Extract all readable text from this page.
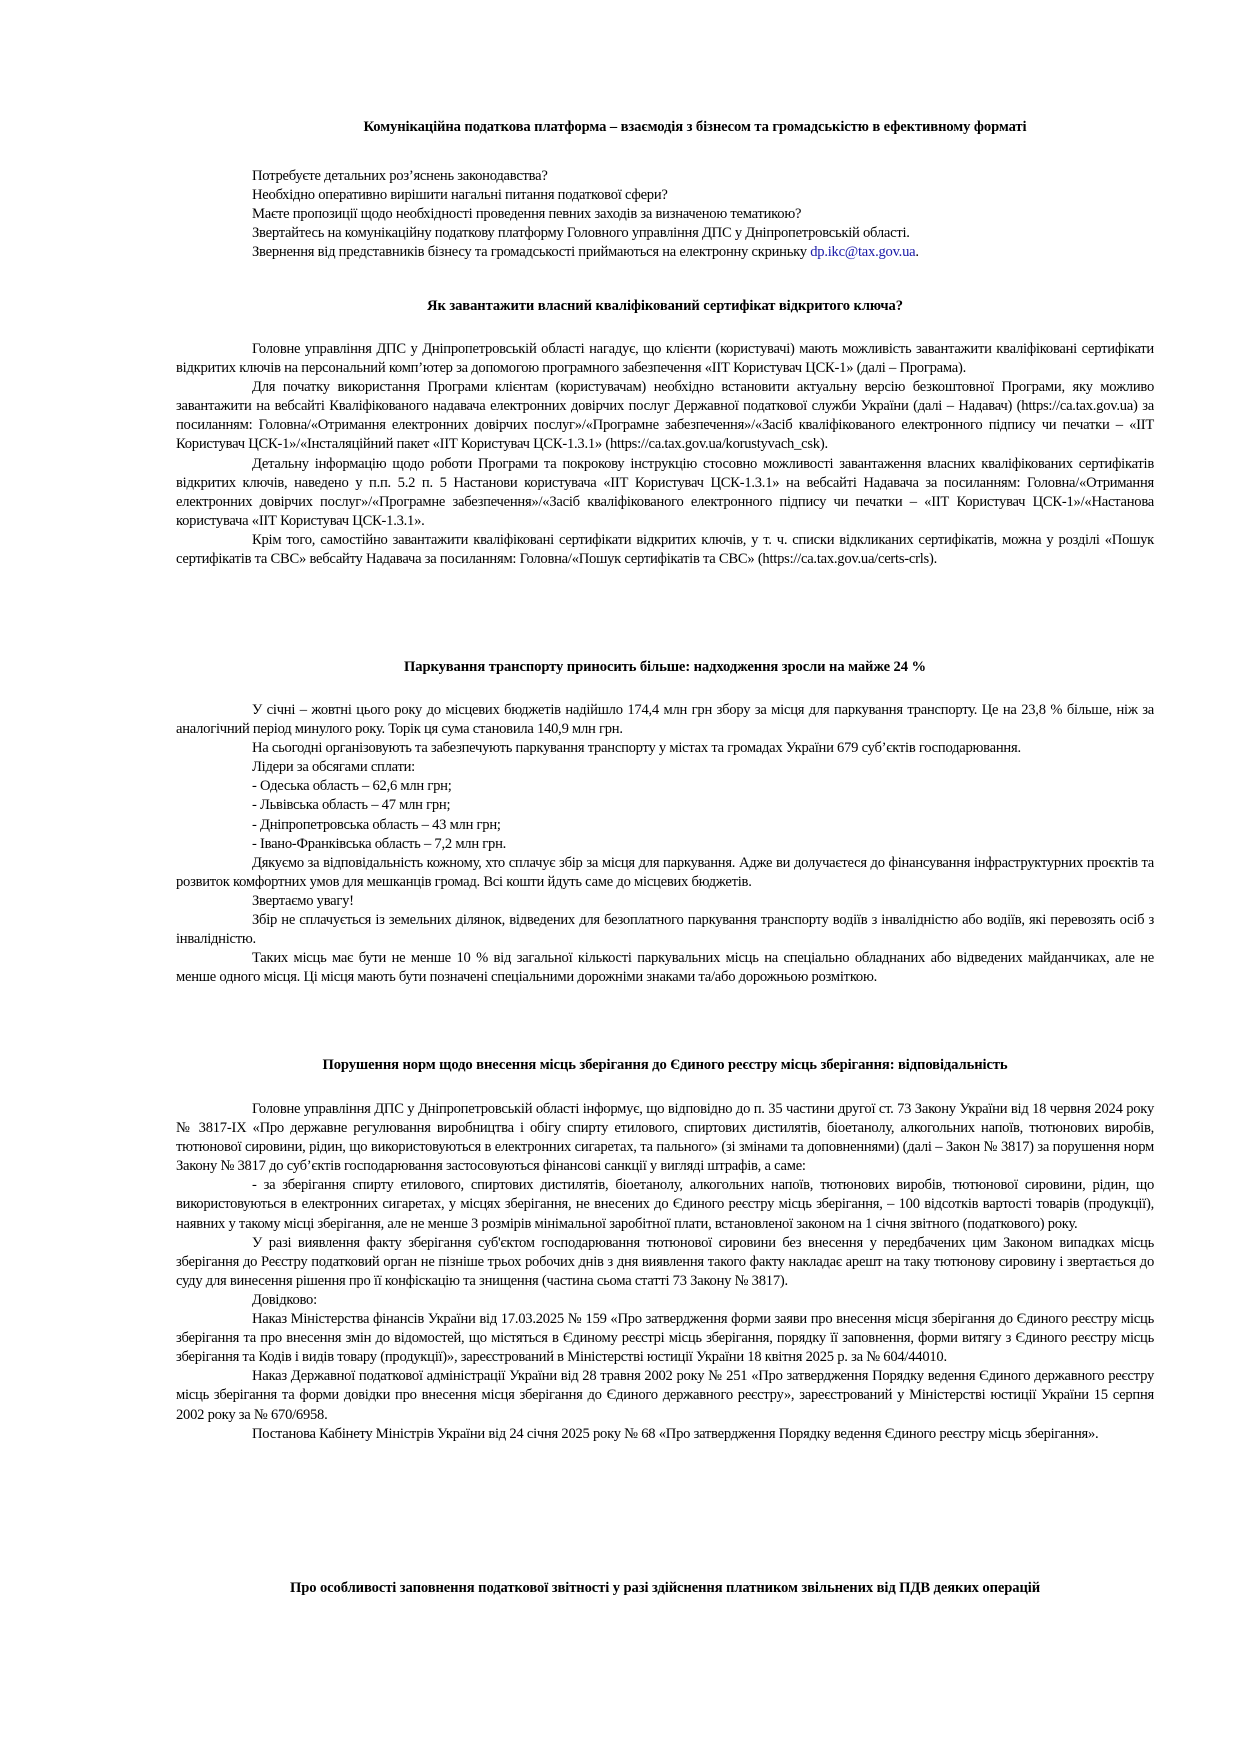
Комунікаційна податкова платформа – взаємодія з бізнесом та громадськістю в ефективному форматі
Потребуєте детальних роз’яснень законодавства?
Необхідно оперативно вирішити нагальні питання податкової сфери?
Маєте пропозиції щодо необхідності проведення певних заходів за визначеною тематикою?
Звертайтесь на комунікаційну податкову платформу Головного управління ДПС у Дніпропетровській області.
Звернення від представників бізнесу та громадськості приймаються на електронну скриньку dp.ikc@tax.gov.ua.
Як завантажити власний кваліфікований сертифікат відкритого ключа?

Головне управління ДПС у Дніпропетровській області нагадує, що клієнти (користувачі) мають можливість завантажити кваліфіковані сертифікати відкритих ключів на персональний комп’ютер за допомогою програмного забезпечення «ІІТ Користувач ЦСК-1» (далі – Програма).

Для початку використання Програми клієнтам (користувачам) необхідно встановити актуальну версію безкоштовної Програми, яку можливо завантажити на вебсайті Кваліфікованого надавача електронних довірчих послуг Державної податкової служби України (далі – Надавач) (https://ca.tax.gov.ua) за посиланням: Головна/«Отримання електронних довірчих послуг»/«Програмне забезпечення»/«Засіб кваліфікованого електронного підпису чи печатки – «ІІТ Користувач ЦСК-1»/«Інсталяційний пакет «ІІТ Користувач ЦСК-1.3.1» (https://ca.tax.gov.ua/korustyvach_csk).

Детальну інформацію щодо роботи Програми та покрокову інструкцію стосовно можливості завантаження власних кваліфікованих сертифікатів відкритих ключів, наведено у п.п. 5.2 п. 5 Настанови користувача «ІІТ Користувач ЦСК-1.3.1» на вебсайті Надавача за посиланням: Головна/«Отримання електронних довірчих послуг»/«Програмне забезпечення»/«Засіб кваліфікованого електронного підпису чи печатки – «ІІТ Користувач ЦСК-1»/«Настанова користувача «ІІТ Користувач ЦСК-1.3.1».

Крім того, самостійно завантажити кваліфіковані сертифікати відкритих ключів, у т. ч. списки відкликаних сертифікатів, можна у розділі «Пошук сертифікатів та СВС» вебсайту Надавача за посиланням: Головна/«Пошук сертифікатів та СВС» (https://ca.tax.gov.ua/certs-crls).

Паркування транспорту приносить більше: надходження зросли на майже 24 %

У січні – жовтні цього року до місцевих бюджетів надійшло 174,4 млн грн збору за місця для паркування транспорту. Це на 23,8 % більше, ніж за аналогічний період минулого року. Торік ця сума становила 140,9 млн грн.

На сьогодні організовують та забезпечують паркування транспорту у містах та громадах України 679 суб’єктів господарювання.

Лідери за обсягами сплати:
- Одеська область – 62,6 млн грн;
- Львівська область – 47 млн грн;
- Дніпропетровська область – 43 млн грн;
- Івано-Франківська область – 7,2 млн грн.

Дякуємо за відповідальність кожному, хто сплачує збір за місця для паркування. Адже ви долучаєтеся до фінансування інфраструктурних проєктів та розвиток комфортних умов для мешканців громад. Всі кошти йдуть саме до місцевих бюджетів.

Звертаємо увагу!

Збір не сплачується із земельних ділянок, відведених для безоплатного паркування транспорту водіїв з інвалідністю або водіїв, які перевозять осіб з інвалідністю.

Таких місць має бути не менше 10 % від загальної кількості паркувальних місць на спеціально обладнаних або відведених майданчиках, але не менше одного місця. Ці місця мають бути позначені спеціальними дорожніми знаками та/або дорожньою розміткою.

Порушення норм щодо внесення місць зберігання до Єдиного реєстру місць зберігання: відповідальність

Головне управління ДПС у Дніпропетровській області інформує, що відповідно до п. 35 частини другої ст. 73 Закону України від 18 червня 2024 року № 3817-ІХ «Про державне регулювання виробництва і обігу спирту етилового, спиртових дистилятів, біоетанолу, алкогольних напоїв, тютюнових виробів, тютюнової сировини, рідин, що використовуються в електронних сигаретах, та пального» (зі змінами та доповненнями) (далі – Закон № 3817) за порушення норм Закону № 3817 до суб’єктів господарювання застосовуються фінансові санкції у вигляді штрафів, а саме:

- за зберігання спирту етилового, спиртових дистилятів, біоетанолу, алкогольних напоїв, тютюнових виробів, тютюнової сировини, рідин, що використовуються в електронних сигаретах, у місцях зберігання, не внесених до Єдиного реєстру місць зберігання, – 100 відсотків вартості товарів (продукції), наявних у такому місці зберігання, але не менше 3 розмірів мінімальної заробітної плати, встановленої законом на 1 січня звітного (податкового) року.

У разі виявлення факту зберігання суб'єктом господарювання тютюнової сировини без внесення у передбачених цим Законом випадках місць зберігання до Реєстру податковий орган не пізніше трьох робочих днів з дня виявлення такого факту накладає арешт на таку тютюнову сировину і звертається до суду для винесення рішення про її конфіскацію та знищення (частина сьома статті 73 Закону № 3817).

Довідково:

Наказ Міністерства фінансів України від 17.03.2025 № 159 «Про затвердження форми заяви про внесення місця зберігання до Єдиного реєстру місць зберігання та про внесення змін до відомостей, що містяться в Єдиному реєстрі місць зберігання, порядку її заповнення, форми витягу з Єдиного реєстру місць зберігання та Кодів і видів товару (продукції)», зареєстрований в Міністерстві юстиції України 18 квітня 2025 р. за № 604/44010.

Наказ Державної податкової адміністрації України від 28 травня 2002 року № 251 «Про затвердження Порядку ведення Єдиного державного реєстру місць зберігання та форми довідки про внесення місця зберігання до Єдиного державного реєстру», зареєстрований у Міністерстві юстиції України 15 серпня 2002 року за № 670/6958.

Постанова Кабінету Міністрів України від 24 січня 2025 року № 68 «Про затвердження Порядку ведення Єдиного реєстру місць зберігання».

Про особливості заповнення податкової звітності у разі здійснення платником звільнених від ПДВ деяких операцій
